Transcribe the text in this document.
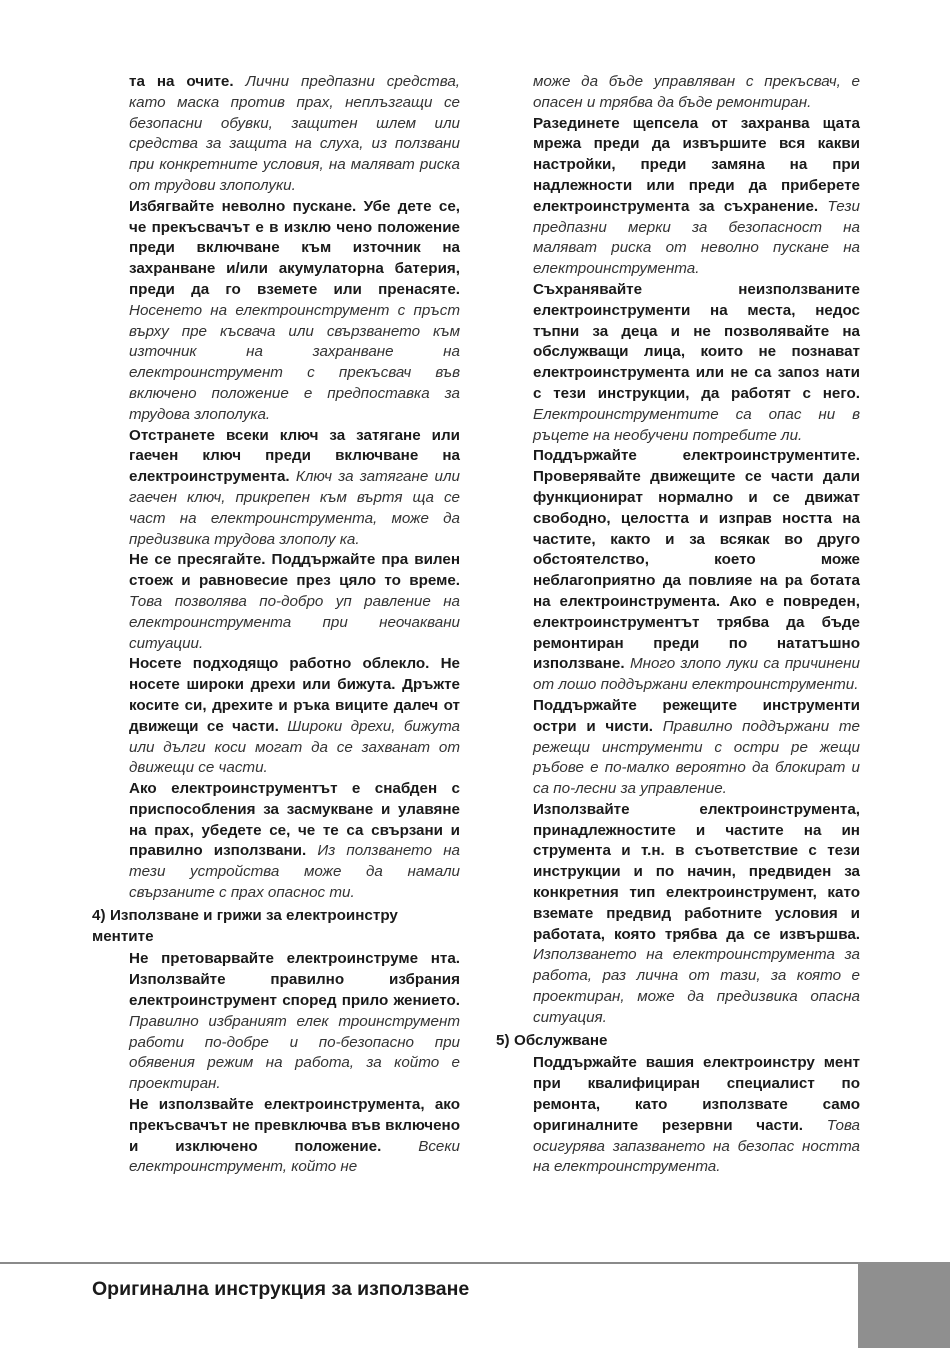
та на очите. Лични предпазни средства, като маска против прах, неплъзгащи се безопасни обувки, защитен шлем или средства за защита на слуха, из ползвани при конкретните условия, на маляват риска от трудови злополуки.

Избягвайте неволно пускане. Убе дете се, че прекъсвачът е в изклю чено положение преди включване към източник на захранване и/или акумулаторна батерия, преди да го вземете или пренасяте. Носенето на електроинструмент с пръст върху пре късвача или свързването към източник на захранване на електроинструмент с прекъсвач във включено положение е предпоставка за трудова злополука.

Отстранете всеки ключ за затягане или гаечен ключ преди включване на електроинструмента. Ключ за затягане или гаечен ключ, прикрепен към въртя ща се част на електроинструмента, може да предизвика трудова злополу ка.

Не се пресягайте. Поддържайте пра вилен стоеж и равновесие през цяло то време. Това позволява по-добро уп равление на електроинструмента при неочаквани ситуации.

Носете подходящо работно облекло. Не носете широки дрехи или бижута. Дръжте косите си, дрехите и ръка виците далеч от движещи се части. Широки дрехи, бижута или дълги коси могат да се захванат от движещи се части.

Ако електроинструментът е снабден с приспособления за засмукване и улавяне на прах, убедете се, че те са свързани и правилно използвани. Из ползването на тези устройства може да намали свързаните с прах опаснос ти.

4) Използване и грижи за електроинстру ментите

Не претоварвайте електроинструме нта. Използвайте правилно избрания електроинструмент според прило жението. Правилно избраният елек троинструмент работи по-добре и по-безопасно при обявения режим на работа, за който е проектиран.

Не използвайте електроинструмента, ако прекъсвачът не превключва във включено и изключено положение. Всеки електроинструмент, който не

може да бъде управляван с прекъсвач, е опасен и трябва да бъде ремонтиран.

Разединете щепсела от захранва щата мрежа преди да извършите вся какви настройки, преди замяна на при надлежности или преди да приберете електроинструмента за съхранение. Тези предпазни мерки за безопасност на маляват риска от неволно пускане на електроинструмента.

Съхранявайте неизползваните електроинструменти на места, недос тъпни за деца и не позволявайте на обслужващи лица, които не познават електроинструмента или не са запоз нати с тези инструкции, да работят с него. Електроинструментите са опас ни в ръцете на необучени потребите ли.

Поддържайте електроинструментите. Проверявайте движещите се части дали функционират нормално и се движат свободно, целостта и изправ ността на частите, както и за всякак во друго обстоятелство, което може неблагоприятно да повлияе на ра ботата на електроинструмента. Ако е повреден, електроинструментът трябва да бъде ремонтиран преди по нататъшно използване. Много злопо луки са причинени от лошо поддържани електроинструменти.

Поддържайте режещите инструменти остри и чисти. Правилно поддържани те режещи инструменти с остри ре жещи ръбове е по-малко вероятно да блокират и са по-лесни за управление.

Използвайте електроинструмента, принадлежностите и частите на ин струмента и т.н. в съответствие с тези инструкции и по начин, предвиден за конкретния тип електроинструмент, като вземате предвид работните условия и работата, която трябва да се извършва. Използването на електроинструмента за работа, раз лична от тази, за която е проектиран, може да предизвика опасна ситуация.

5) Обслужване

Поддържайте вашия електроинстру мент при квалифициран специалист по ремонта, като използвате само оригиналните резервни части. Това осигурява запазването на безопас ността на електроинструмента.

Оригинална инструкция за използване
